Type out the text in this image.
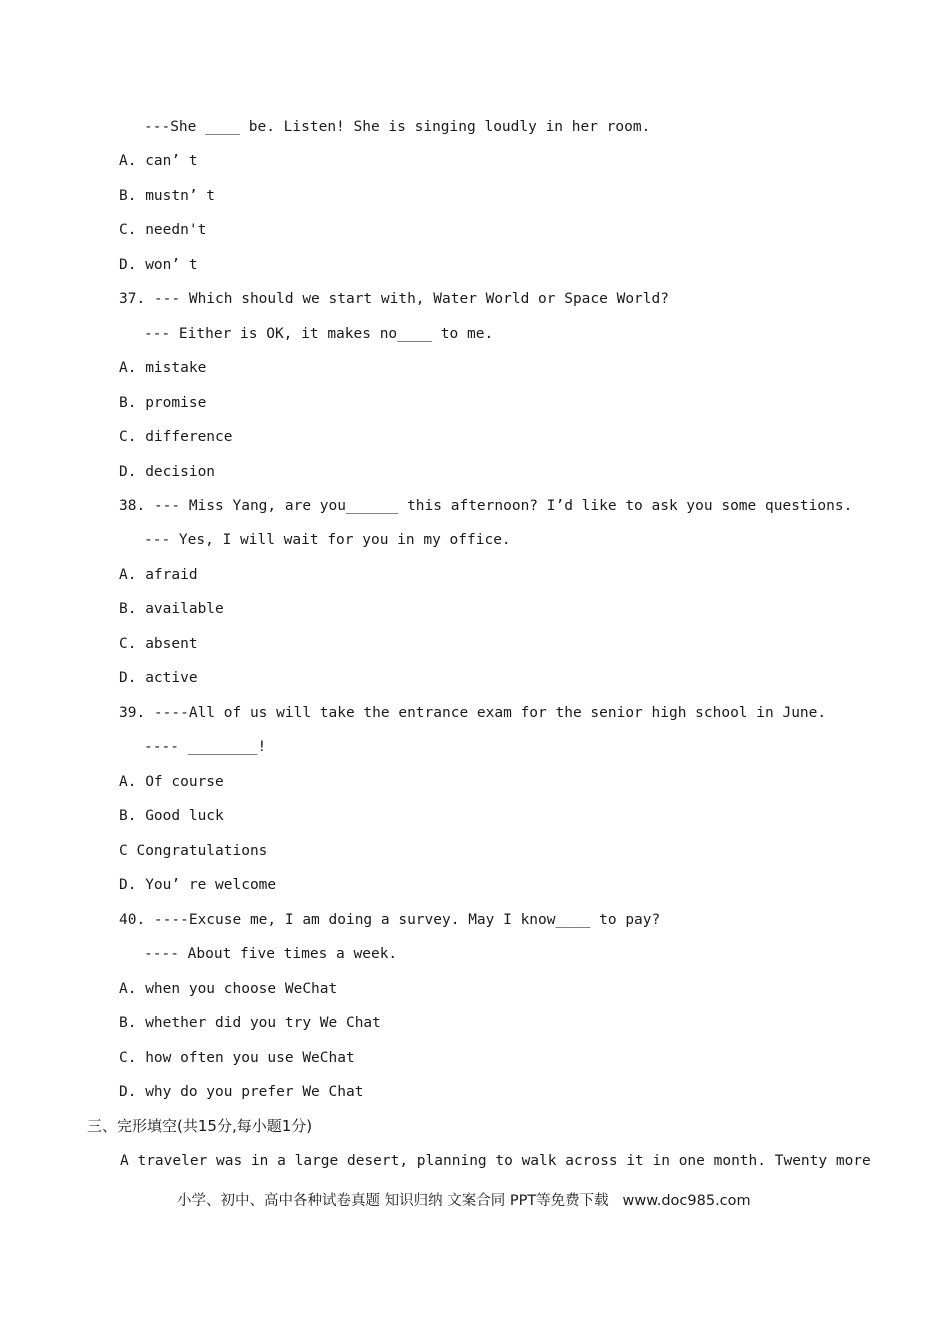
---She ____ be. Listen! She is singing loudly in her room.
A. can’ t
B. mustn’ t
C. needn't
D. won’ t
37. --- Which should we start with, Water World or Space World?
--- Either is OK, it makes no____ to me.
A. mistake
B. promise
C. difference
D. decision
38. --- Miss Yang, are you______ this afternoon? I’d like to ask you some questions.
--- Yes, I will wait for you in my office.
A. afraid
B. available
C. absent
D. active
39. ----All of us will take the entrance exam for the senior high school in June.
---- ________!
A. Of course
B. Good luck
C Congratulations
D. You’ re welcome
40. ----Excuse me, I am doing a survey. May I know____ to pay?
---- About five times a week.
A. when you choose WeChat
B. whether did you try We Chat
C. how often you use WeChat
D. why do you prefer We Chat
三、完形填空(共15分,每小题1分)
A traveler was in a large desert, planning to walk across it in one month. Twenty more
小学、初中、高中各种试卷真题 知识归纳 文案合同 PPT等免费下载   www.doc985.com
